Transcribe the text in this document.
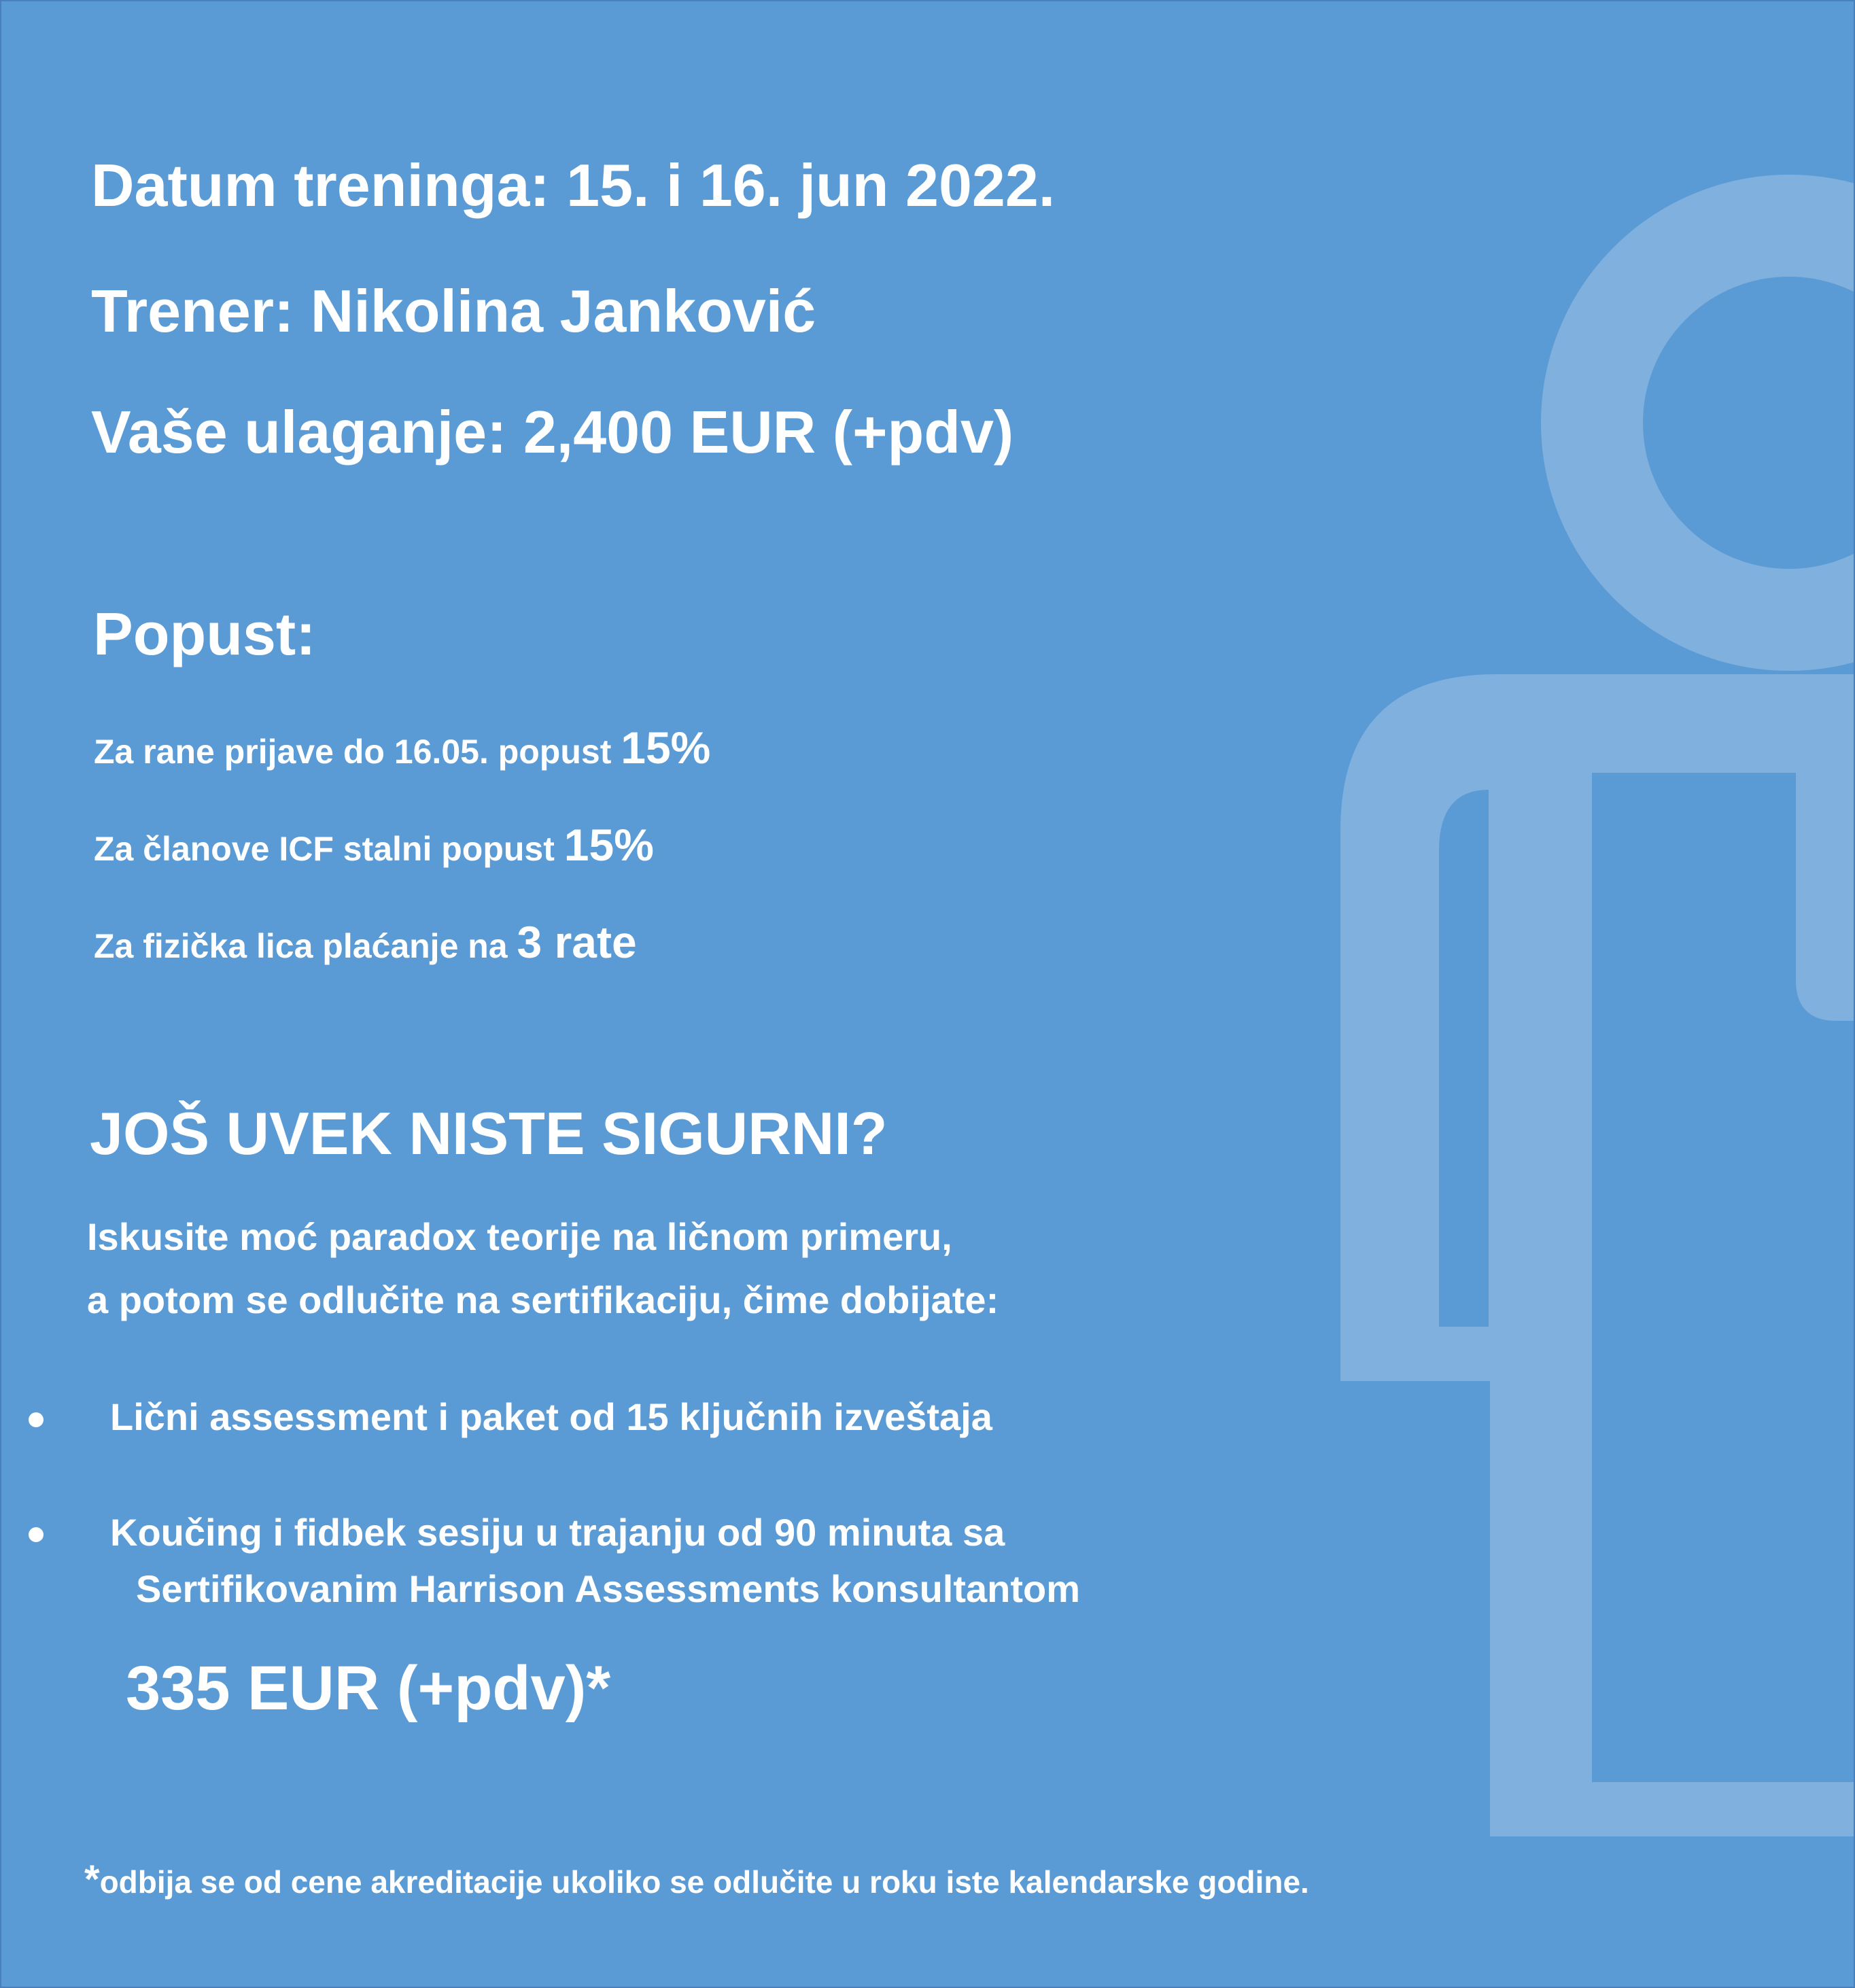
Datum treninga: 15. i 16. jun 2022.
Trener: Nikolina Janković
Vaše ulaganje: 2,400 EUR (+pdv)
Popust:
Za rane prijave do 16.05. popust 15%
Za članove ICF stalni popust 15%
Za fizička lica plaćanje na 3 rate
JOŠ UVEK NISTE SIGURNI?
Iskusite moć paradox teorije na ličnom primeru,
a potom se odlučite na sertifikaciju, čime dobijate:
Lični assessment i paket od 15 ključnih izveštaja
Koučing i fidbek sesiju u trajanju od 90 minuta sa
Sertifikovanim Harrison Assessments konsultantom
335 EUR (+pdv)*
*odbija se od cene akreditacije ukoliko se odlučite u roku iste kalendarske godine.
